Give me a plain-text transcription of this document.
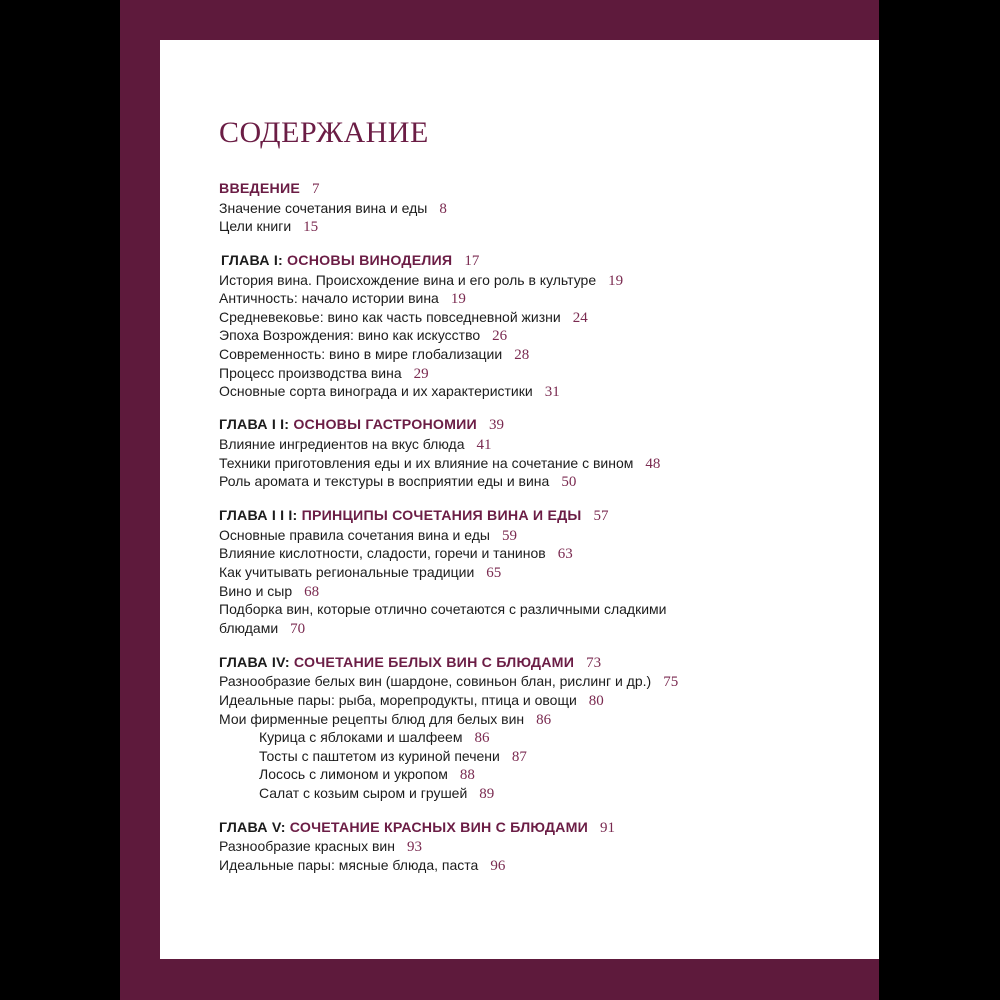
СОДЕРЖАНИЕ
ВВЕДЕНИЕ 7
Значение сочетания вина и еды 8
Цели книги 15
ГЛАВА I: ОСНОВЫ ВИНОДЕЛИЯ 17
История вина. Происхождение вина и его роль в культуре 19
Античность: начало истории вина 19
Средневековье: вино как часть повседневной жизни 24
Эпоха Возрождения: вино как искусство 26
Современность: вино в мире глобализации 28
Процесс производства вина 29
Основные сорта винограда и их характеристики 31
ГЛАВА I I: ОСНОВЫ ГАСТРОНОМИИ 39
Влияние ингредиентов на вкус блюда 41
Техники приготовления еды и их влияние на сочетание с вином 48
Роль аромата и текстуры в восприятии еды и вина 50
ГЛАВА I I I: ПРИНЦИПЫ СОЧЕТАНИЯ ВИНА И ЕДЫ 57
Основные правила сочетания вина и еды 59
Влияние кислотности, сладости, горечи и танинов 63
Как учитывать региональные традиции 65
Вино и сыр 68
Подборка вин, которые отлично сочетаются с различными сладкими
блюдами 70
ГЛАВА IV: СОЧЕТАНИЕ БЕЛЫХ ВИН С БЛЮДАМИ 73
Разнообразие белых вин (шардоне, совиньон блан, рислинг и др.) 75
Идеальные пары: рыба, морепродукты, птица и овощи 80
Мои фирменные рецепты блюд для белых вин 86
Курица с яблоками и шалфеем 86
Тосты с паштетом из куриной печени 87
Лосось с лимоном и укропом 88
Салат с козьим сыром и грушей 89
ГЛАВА V: СОЧЕТАНИЕ КРАСНЫХ ВИН С БЛЮДАМИ 91
Разнообразие красных вин 93
Идеальные пары: мясные блюда, паста 96
